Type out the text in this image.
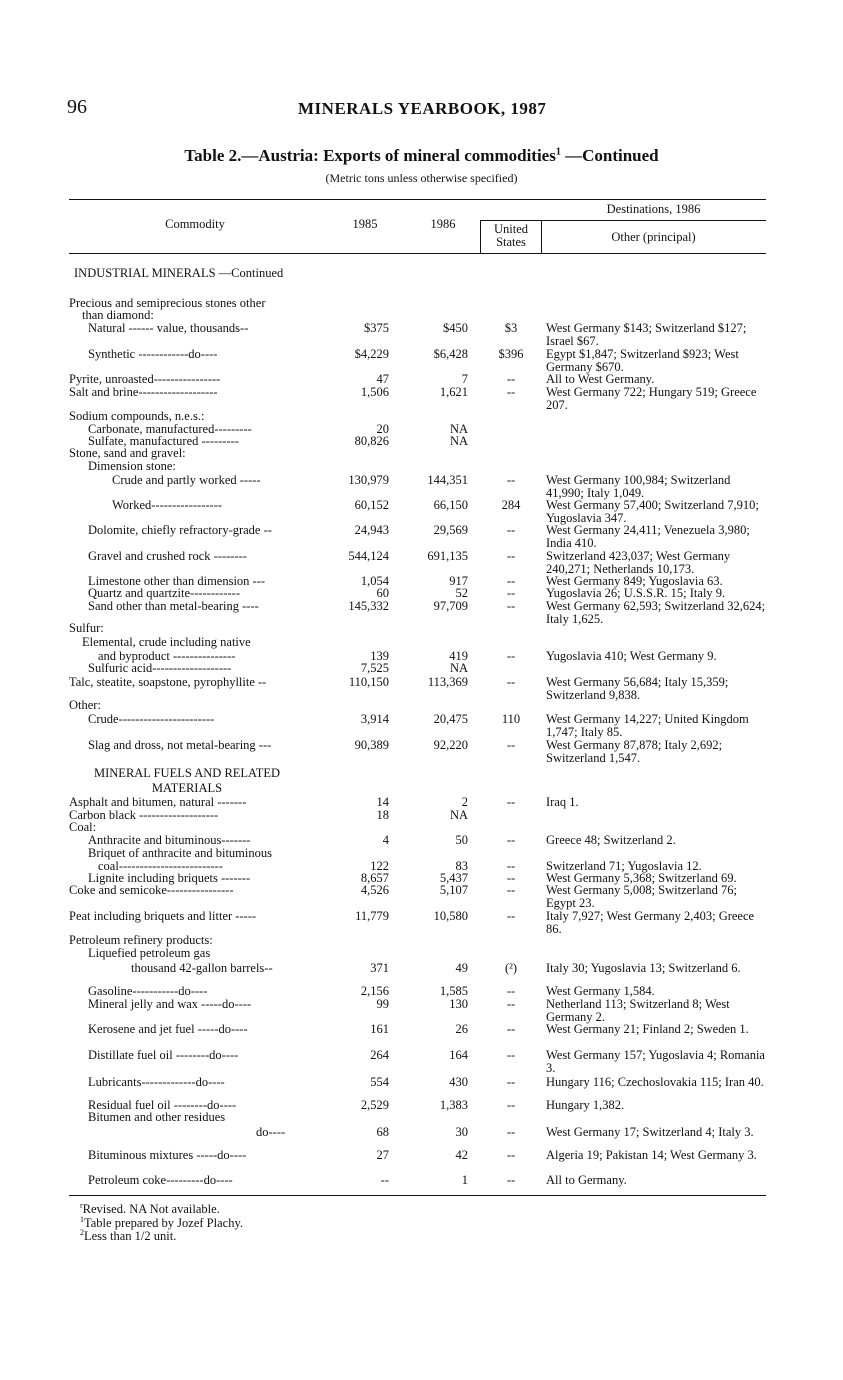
96	MINERALS YEARBOOK, 1987
Table 2.—Austria: Exports of mineral commodities$^1$ —Continued
(Metric tons unless otherwise specified)
Commodity	1985	1986
Destinations, 1986
United
States	Other (principal)
INDUSTRIAL MINERALS —Continued
MINERAL FUELS AND RELATED
MATERIALS
Precious and semiprecious stones other
than diamond:
Natural ------ value, thousands--	$375	$450	$3	West Germany $143; Switzerland $127; Israel $67.
Synthetic ------------do----	$4,229	$6,428	$396	Egypt $1,847; Switzerland $923; West Germany $670.
Pyrite, unroasted----------------	47	7	--	All to West Germany.
Salt and brine-------------------	1,506	1,621	--	West Germany 722; Hungary 519; Greece 207.
Sodium compounds, n.e.s.:
Carbonate, manufactured---------	20	NA
Sulfate, manufactured ---------	80,826	NA
Stone, sand and gravel:
Dimension stone:
Crude and partly worked -----	130,979	144,351	--	West Germany 100,984; Switzerland 41,990; Italy 1,049.
Worked-----------------	60,152	66,150	284	West Germany 57,400; Switzerland 7,910; Yugoslavia 347.
Dolomite, chiefly refractory-grade --	24,943	29,569	--	West Germany 24,411; Venezuela 3,980; India 410.
Gravel and crushed rock --------	544,124	691,135	--	Switzerland 423,037; West Germany 240,271; Netherlands 10,173.
Limestone other than dimension ---	1,054	917	--	West Germany 849; Yugoslavia 63.
Quartz and quartzite------------	60	52	--	Yugoslavia 26; U.S.S.R. 15; Italy 9.
Sand other than metal-bearing ----	145,332	97,709	--	West Germany 62,593; Switzerland 32,624; Italy 1,625.
Sulfur:
Elemental, crude including native
and byproduct ---------------	139	419	--	Yugoslavia 410; West Germany 9.
Sulfuric acid-------------------	7,525	NA
Talc, steatite, soapstone, pyrophyllite --	110,150	113,369	--	West Germany 56,684; Italy 15,359; Switzerland 9,838.
Other:
Crude-----------------------	3,914	20,475	110	West Germany 14,227; United Kingdom 1,747; Italy 85.
Slag and dross, not metal-bearing ---	90,389	92,220	--	West Germany 87,878; Italy 2,692; Switzerland 1,547.
Asphalt and bitumen, natural -------	14	2	--	Iraq 1.
Carbon black -------------------	18	NA
Coal:
Anthracite and bituminous-------	4	50	--	Greece 48; Switzerland 2.
Briquet of anthracite and bituminous
coal-------------------------	122	83	--	Switzerland 71; Yugoslavia 12.
Lignite including briquets -------	8,657	5,437	--	West Germany 5,368; Switzerland 69.
Coke and semicoke----------------	4,526	5,107	--	West Germany 5,008; Switzerland 76; Egypt 23.
Peat including briquets and litter -----	11,779	10,580	--	Italy 7,927; West Germany 2,403; Greece 86.
Petroleum refinery products:
Liquefied petroleum gas
thousand 42-gallon barrels--	371	49	(²)	Italy 30; Yugoslavia 13; Switzerland 6.
Gasoline-----------do----	2,156	1,585	--	West Germany 1,584.
Mineral jelly and wax -----do----	99	130	--	Netherland 113; Switzerland 8; West Germany 2.
Kerosene and jet fuel -----do----	161	26	--	West Germany 21; Finland 2; Sweden 1.
Distillate fuel oil --------do----	264	164	--	West Germany 157; Yugoslavia 4; Romania 3.
Lubricants-------------do----	554	430	--	Hungary 116; Czechoslovakia 115; Iran 40.
Residual fuel oil --------do----	2,529	1,383	--	Hungary 1,382.
Bitumen and other residues
do----	68	30	--	West Germany 17; Switzerland 4; Italy 3.
Bituminous mixtures -----do----	27	42	--	Algeria 19; Pakistan 14; West Germany 3.
Petroleum coke---------do----	--	1	--	All to Germany.
$^r$Revised. NA Not available.
$^1$Table prepared by Jozef Plachy.
$^2$Less than 1/2 unit.
